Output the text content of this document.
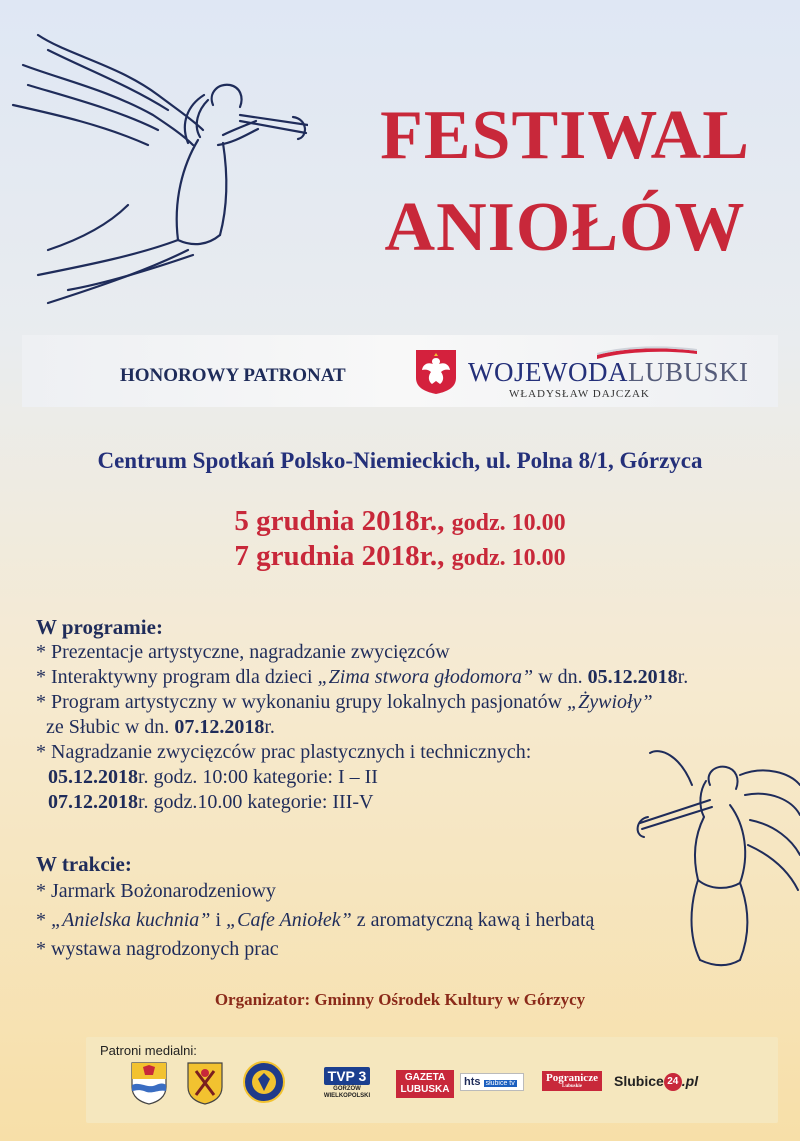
FESTIWAL
ANIOŁÓW
HONOROWY PATRONAT	WOJEWODALUBUSKI
WŁADYSŁAW DAJCZAK
Centrum Spotkań Polsko-Niemieckich, ul. Polna 8/1, Górzyca
5 grudnia 2018r., godz. 10.00
7 grudnia 2018r., godz. 10.00
W programie:
* Prezentacje artystyczne, nagradzanie zwycięzców
* Interaktywny program dla dzieci „Zima stwora głodomora” w dn. 05.12.2018r.
* Program artystyczny w wykonaniu grupy lokalnych pasjonatów „Żywioły”
ze Słubic w dn. 07.12.2018r.
* Nagradzanie zwycięzców prac plastycznych i technicznych:
05.12.2018r. godz. 10:00 kategorie: I – II
07.12.2018r. godz.10.00 kategorie: III-V
W trakcie:
* Jarmark Bożonarodzeniowy
* „Anielska kuchnia” i „Cafe Aniołek” z aromatyczną kawą i herbatą
* wystawa nagrodzonych prac
Organizator: Gminny Ośrodek Kultury w Górzycy
Patroni medialni:
TVP 3
GORZÓW
WIELKOPOLSKI
GAZETA
LUBUSKA
hts słubice tv	Pogranicze
Lubuskie	Slubice 24 .pl
